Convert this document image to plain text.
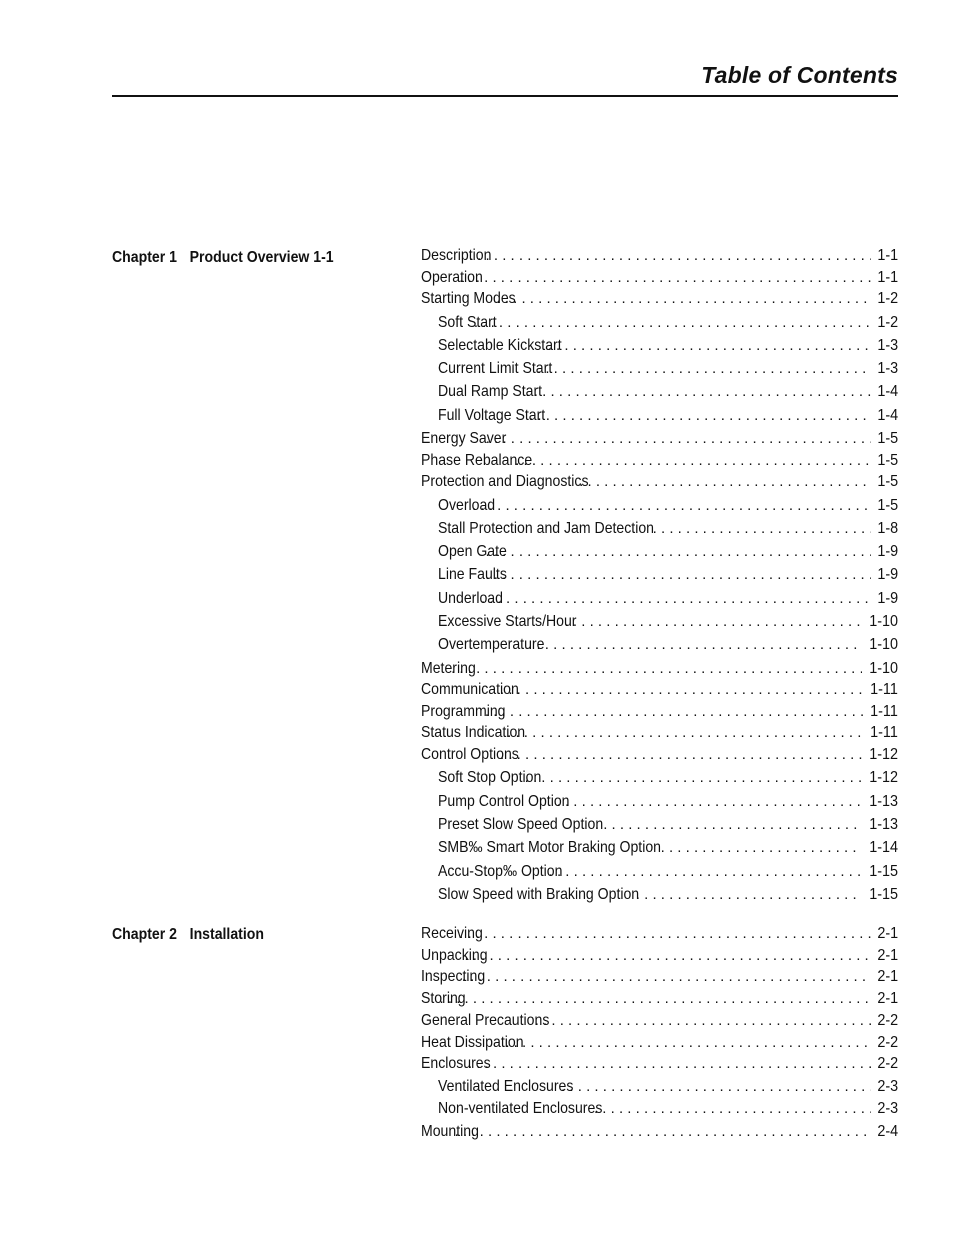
Table of Contents
Chapter 1 Product Overview 1-1	Description . . .	1-1
Operation . . .	1-1
Starting Modes . . .	1-2
Soft Start . . .	1-2
Selectable Kickstart . . .	1-3
Current Limit Start . . .	1-3
Dual Ramp Start . . .	1-4
Full Voltage Start . . .	1-4
Energy Saver . . .	1-5
Phase Rebalance . . .	1-5
Protection and Diagnostics . . .	1-5
Overload . . .	1-5
Stall Protection and Jam Detection . . .	1-8
Open Gate . . .	1-9
Line Faults . . .	1-9
Underload . . .	1-9
Excessive Starts/Hour . . .	1-10
Overtemperature . . .	1-10
Metering . . .	1-10
Communication . . .	1-11
Programming . . .	1-11
Status Indication . . .	1-11
Control Options . . .	1-12
Soft Stop Option . . .	1-12
Pump Control Option . . .	1-13
Preset Slow Speed Option . . .	1-13
SMB‰ Smart Motor Braking Option . . .	1-14
Accu-Stop‰ Option . . .	1-15
Slow Speed with Braking Option . . .	1-15
Chapter 2 Installation	Receiving . . .	2-1
Unpacking . . .	2-1
Inspecting . . .	2-1
Storing . . .	2-1
General Precautions . . .	2-2
Heat Dissipation . . .	2-2
Enclosures . . .	2-2
Ventilated Enclosures . . .	2-3
Non-ventilated Enclosures . . .	2-3
Mounting . . .	2-4
